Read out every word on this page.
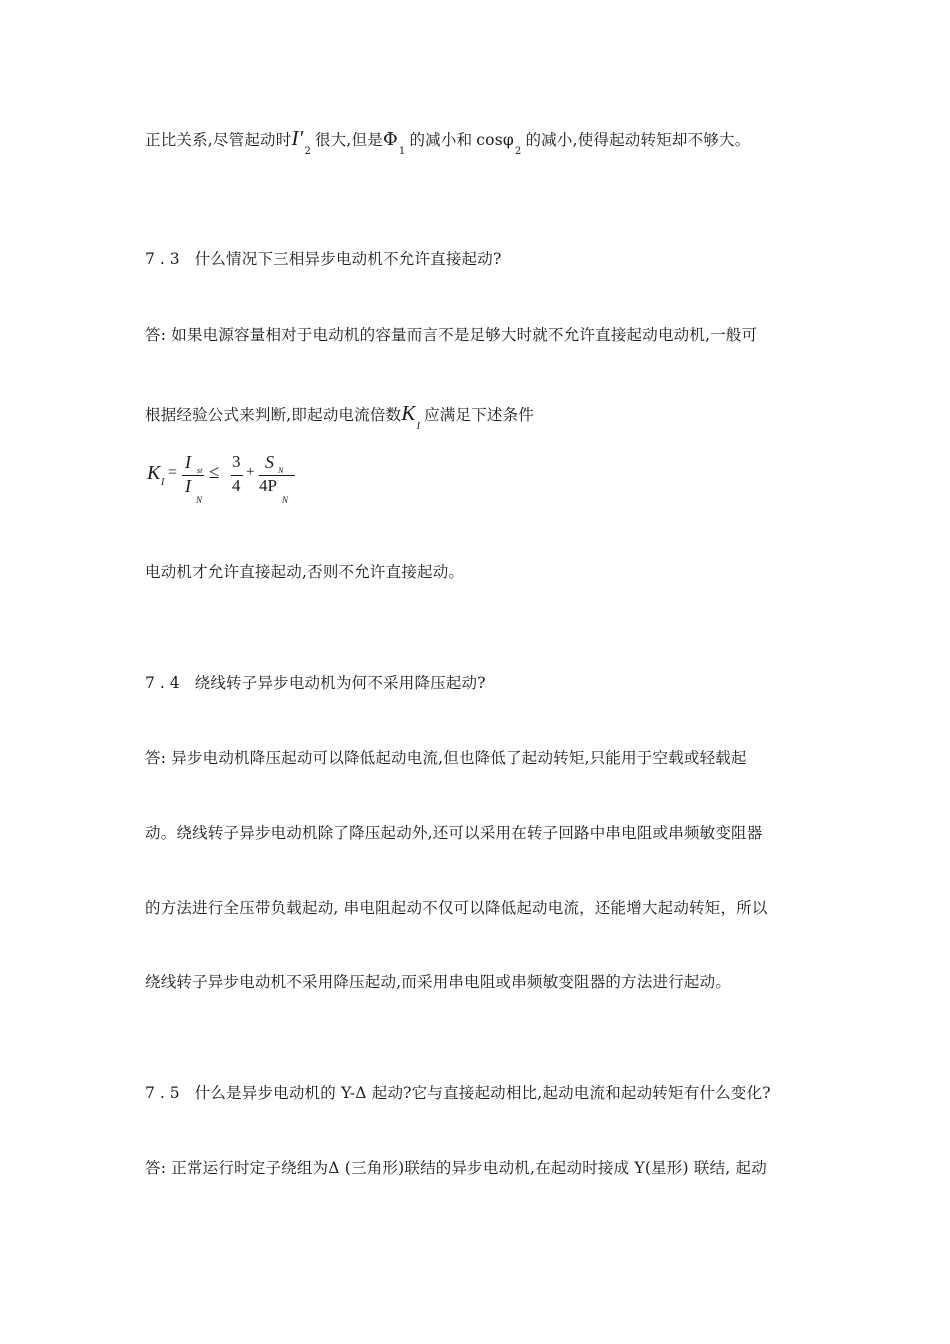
正比关系,尽管起动时$I'_2$很大,但是$\Phi_1$的减小和 cosφ$_2$的减小,使得起动转矩却不够大。
7.3 什么情况下三相异步电动机不允许直接起动?
答: 如果电源容量相对于电动机的容量而言不是足够大时就不允许直接起动电动机,一般可
根据经验公式来判断,即起动电流倍数$K_I$应满足下述条件
K I
=
I st
I
N
≤
3
4
+ S N
4P
N
电动机才允许直接起动,否则不允许直接起动。
7.4 绕线转子异步电动机为何不采用降压起动?
答: 异步电动机降压起动可以降低起动电流,但也降低了起动转矩,只能用于空载或轻载起
动。绕线转子异步电动机除了降压起动外,还可以采用在转子回路中串电阻或串频敏变阻器
的方法进行全压带负载起动, 串电阻起动不仅可以降低起动电流，还能增大起动转矩，所以
绕线转子异步电动机不采用降压起动,而采用串电阻或串频敏变阻器的方法进行起动。
7.5 什么是异步电动机的 Y-Δ 起动?它与直接起动相比,起动电流和起动转矩有什么变化?
答: 正常运行时定子绕组为Δ (三角形)联结的异步电动机,在起动时接成 Y(星形) 联结, 起动
